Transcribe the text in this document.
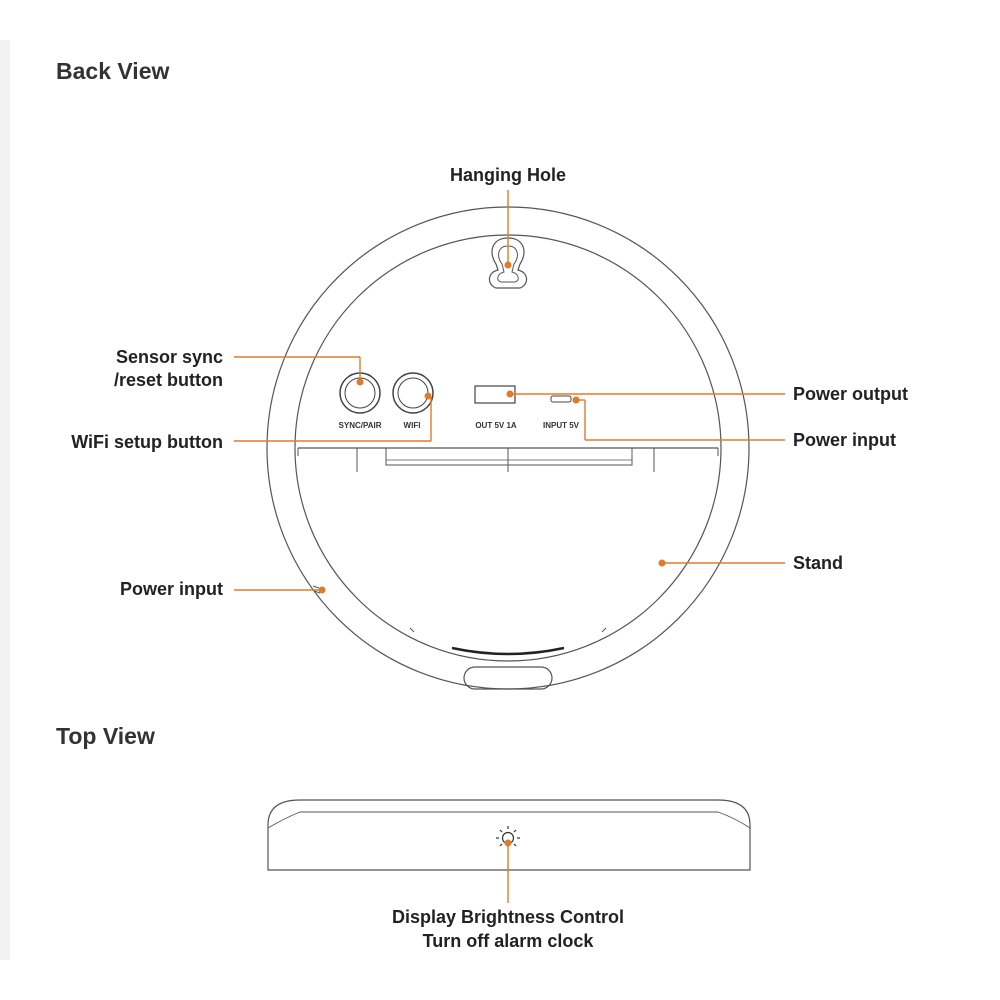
Back View
Top View
SYNC/PAIR	WIFI	OUT 5V 1A	INPUT 5V
Hanging Hole
Sensor sync
/reset button
WiFi setup button
Power input
Power output
Power input
Stand
Display Brightness Control
Turn off alarm clock
